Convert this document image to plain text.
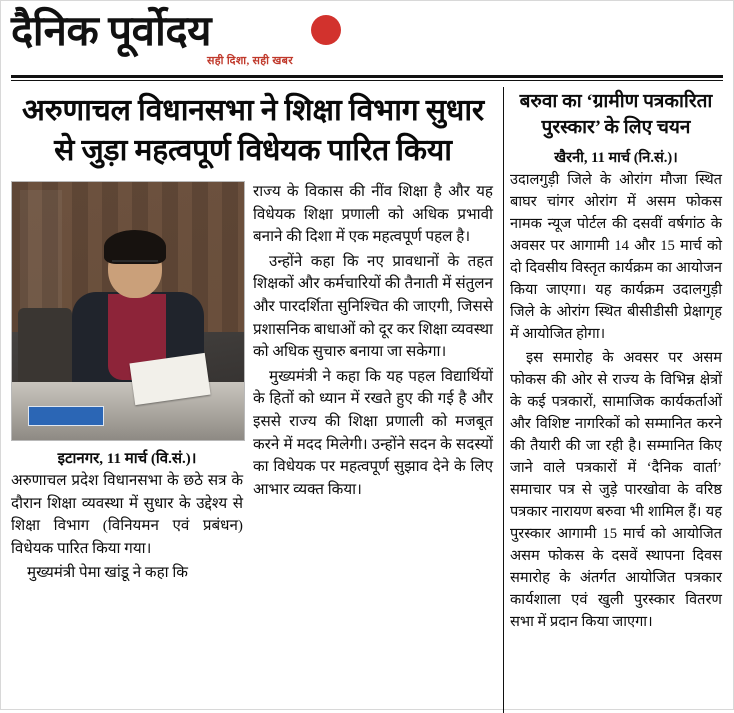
दैनिक पूर्वोदय
सही दिशा, सही खबर
अरुणाचल विधानसभा ने शिक्षा विभाग सुधार से जुड़ा महत्वपूर्ण विधेयक पारित किया
इटानगर, 11 मार्च (वि.सं.)।

अरुणाचल प्रदेश विधानसभा के छठे सत्र के दौरान शिक्षा व्यवस्था में सुधार के उद्देश्य से शिक्षा विभाग (विनियमन एवं प्रबंधन) विधेयक पारित किया गया।

मुख्यमंत्री पेमा खांडू ने कहा कि

राज्य के विकास की नींव शिक्षा है और यह विधेयक शिक्षा प्रणाली को अधिक प्रभावी बनाने की दिशा में एक महत्वपूर्ण पहल है।

उन्होंने कहा कि नए प्रावधानों के तहत शिक्षकों और कर्मचारियों की तैनाती में संतुलन और पारदर्शिता सुनिश्चित की जाएगी, जिससे प्रशासनिक बाधाओं को दूर कर शिक्षा व्यवस्था को अधिक सुचारु बनाया जा सकेगा।

मुख्यमंत्री ने कहा कि यह पहल विद्यार्थियों के हितों को ध्यान में रखते हुए की गई है और इससे राज्य की शिक्षा प्रणाली को मजबूत करने में मदद मिलेगी। उन्होंने सदन के सदस्यों का विधेयक पर महत्वपूर्ण सुझाव देने के लिए आभार व्यक्त किया।

बरुवा का ‘ग्रामीण पत्रकारिता पुरस्कार’ के लिए चयन
खैरनी, 11 मार्च (नि.सं.)।

उदालगुड़ी जिले के ओरांग मौजा स्थित बाघर चांगर ओरांग में असम फोकस नामक न्यूज पोर्टल की दसवीं वर्षगांठ के अवसर पर आगामी 14 और 15 मार्च को दो दिवसीय विस्तृत कार्यक्रम का आयोजन किया जाएगा। यह कार्यक्रम उदालगुड़ी जिले के ओरांग स्थित बीसीडीसी प्रेक्षागृह में आयोजित होगा।

इस समारोह के अवसर पर असम फोकस की ओर से राज्य के विभिन्न क्षेत्रों के कई पत्रकारों, सामाजिक कार्यकर्ताओं और विशिष्ट नागरिकों को सम्मानित करने की तैयारी की जा रही है। सम्मानित किए जाने वाले पत्रकारों में ‘दैनिक वार्ता’ समाचार पत्र से जुड़े पारखोवा के वरिष्ठ पत्रकार नारायण बरुवा भी शामिल हैं। यह पुरस्कार आगामी 15 मार्च को आयोजित असम फोकस के दसवें स्थापना दिवस समारोह के अंतर्गत आयोजित पत्रकार कार्यशाला एवं खुली पुरस्कार वितरण सभा में प्रदान किया जाएगा।
